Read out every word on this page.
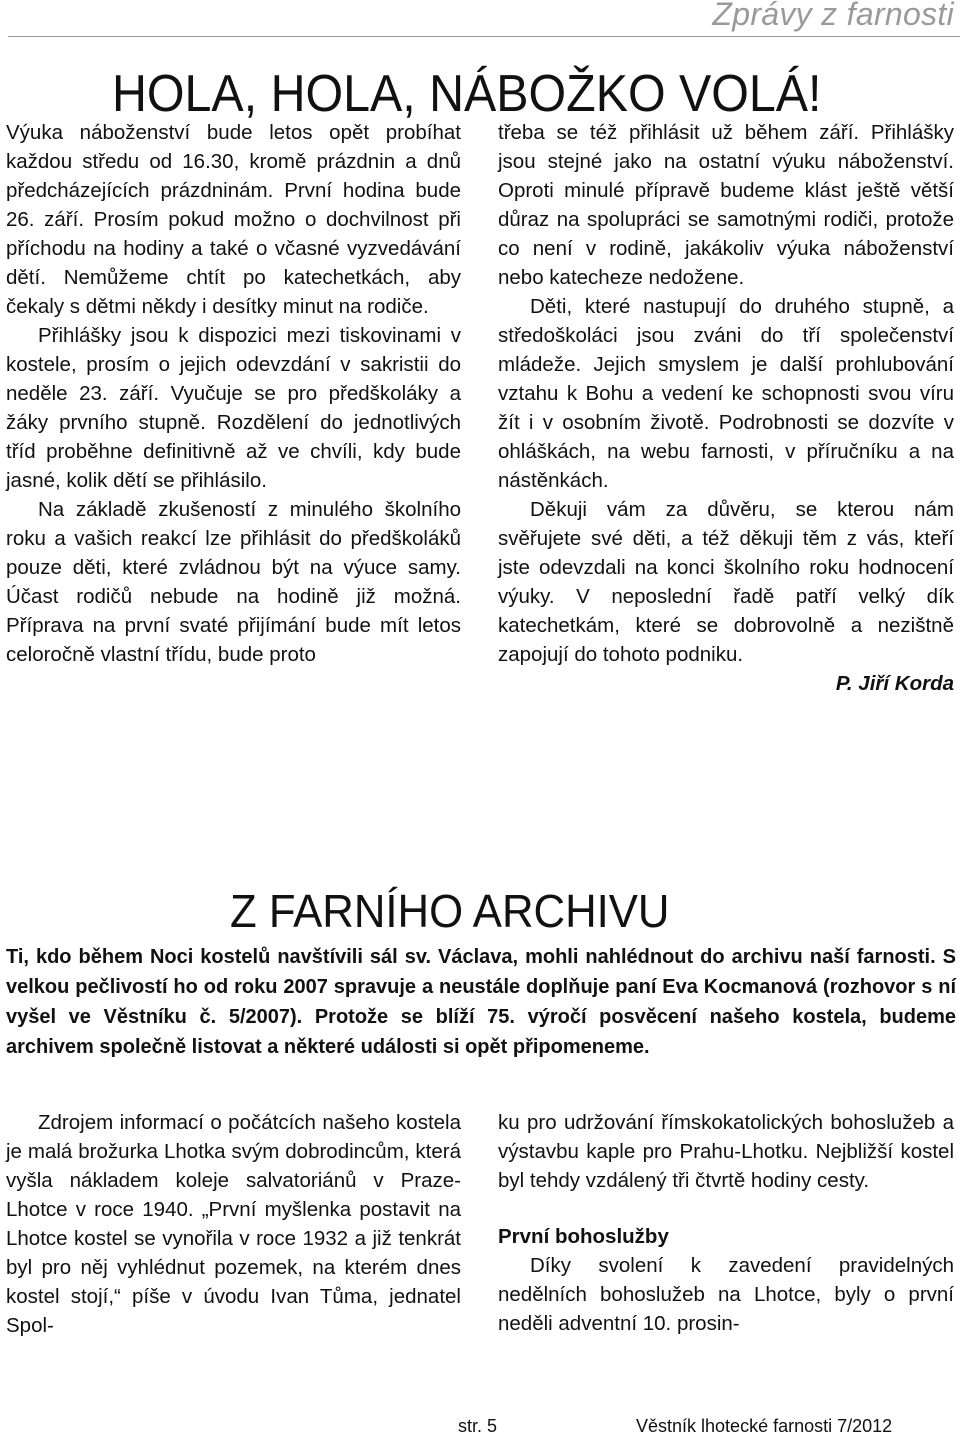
Zprávy z farnosti
HOLA, HOLA, NÁBOŽKO VOLÁ!

Výuka náboženství bude letos opět probíhat každou středu od 16.30, kromě prázdnin a dnů předcházejících prázdninám. První hodina bude 26. září. Prosím pokud možno o dochvilnost při příchodu na hodiny a také o včasné vyzvedávání dětí. Nemůžeme chtít po katechetkách, aby čekaly s dětmi někdy i desítky minut na rodiče.

Přihlášky jsou k dispozici mezi tiskovinami v kostele, prosím o jejich odevzdání v sakristii do neděle 23. září. Vyučuje se pro předškoláky a žáky prvního stupně. Rozdělení do jednotlivých tříd proběhne definitivně až ve chvíli, kdy bude jasné, kolik dětí se přihlásilo.

Na základě zkušeností z minulého školního roku a vašich reakcí lze přihlásit do předškoláků pouze děti, které zvládnou být na výuce samy. Účast rodičů nebude na hodině již možná. Příprava na první svaté přijímání bude mít letos celoročně vlastní třídu, bude proto

třeba se též přihlásit už během září. Přihlášky jsou stejné jako na ostatní výuku náboženství. Oproti minulé přípravě budeme klást ještě větší důraz na spolupráci se samotnými rodiči, protože co není v rodině, jakákoliv výuka náboženství nebo katecheze nedožene.

Děti, které nastupují do druhého stupně, a středoškoláci jsou zváni do tří společenství mládeže. Jejich smyslem je další prohlubování vztahu k Bohu a vedení ke schopnosti svou víru žít i v osobním životě. Podrobnosti se dozvíte v ohláškách, na webu farnosti, v příručníku a na nástěnkách.

Děkuji vám za důvěru, se kterou nám svěřujete své děti, a též děkuji těm z vás, kteří jste odevzdali na konci školního roku hodnocení výuky. V neposlední řadě patří velký dík katechetkám, které se dobrovolně a nezištně zapojují do tohoto podniku.

P. Jiří Korda

Z FARNÍHO ARCHIVU
Ti, kdo během Noci kostelů navštívili sál sv. Václava, mohli nahlédnout do archivu naší farnosti. S velkou pečlivostí ho od roku 2007 spravuje a neustále doplňuje paní Eva Kocmanová (rozhovor s ní vyšel ve Věstníku č. 5/2007). Protože se blíží 75. výročí posvěcení našeho kostela, budeme archivem společně listovat a některé události si opět připomeneme.

Zdrojem informací o počátcích našeho kostela je malá brožurka Lhotka svým dobrodincům, která vyšla nákladem koleje salvatoriánů v Praze-Lhotce v roce 1940. „První myšlenka postavit na Lhotce kostel se vynořila v roce 1932 a již tenkrát byl pro něj vyhlédnut pozemek, na kterém dnes kostel stojí,“ píše v úvodu Ivan Tůma, jednatel Spol-

ku pro udržování římskokatolických bohoslužeb a výstavbu kaple pro Prahu-Lhotku. Nejbližší kostel byl tehdy vzdálený tři čtvrtě hodiny cesty.

První bohoslužby

Díky svolení k zavedení pravidelných nedělních bohoslužeb na Lhotce, byly o první neděli adventní 10. prosin-

str. 5	Věstník lhotecké farnosti 7/2012
